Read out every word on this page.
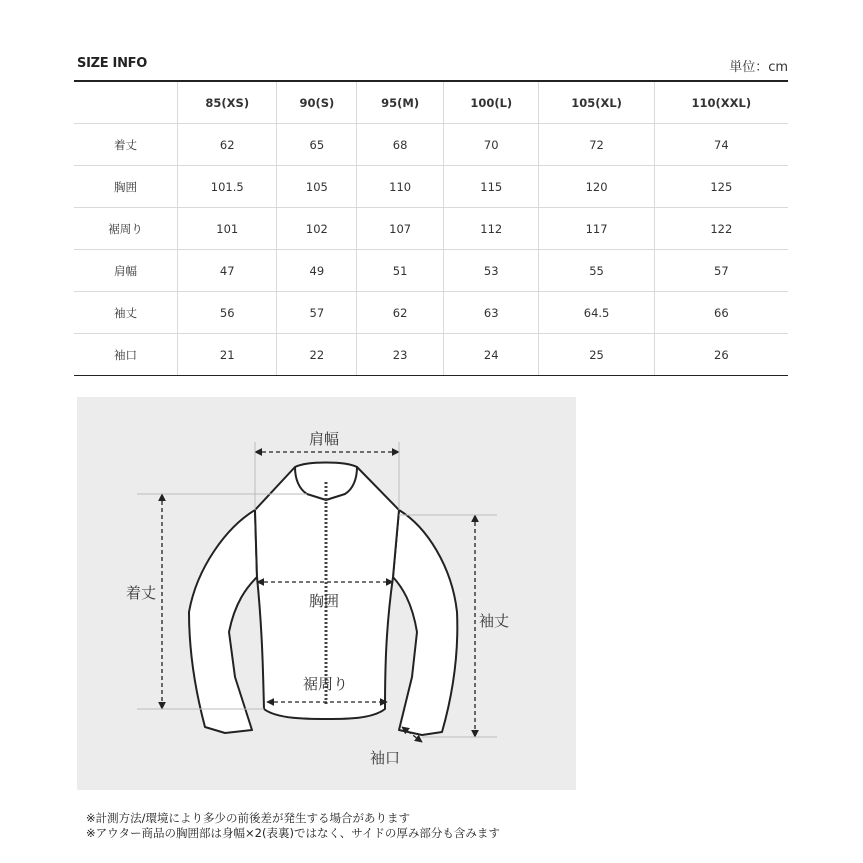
SIZE INFO	単位：cm
	85(XS)	90(S)	95(M)	100(L)	105(XL)	110(XXL)
着丈	62	65	68	70	72	74
胸囲	101.5	105	110	115	120	125
裾周り	101	102	107	112	117	122
肩幅	47	49	51	53	55	57
袖丈	56	57	62	63	64.5	66
袖口	21	22	23	24	25	26
肩幅
着丈	胸囲
袖丈
裾周り
袖口
※計測方法/環境により多少の前後差が発生する場合があります
※アウター商品の胸囲部は身幅×2(表裏)ではなく、サイドの厚み部分も含みます
